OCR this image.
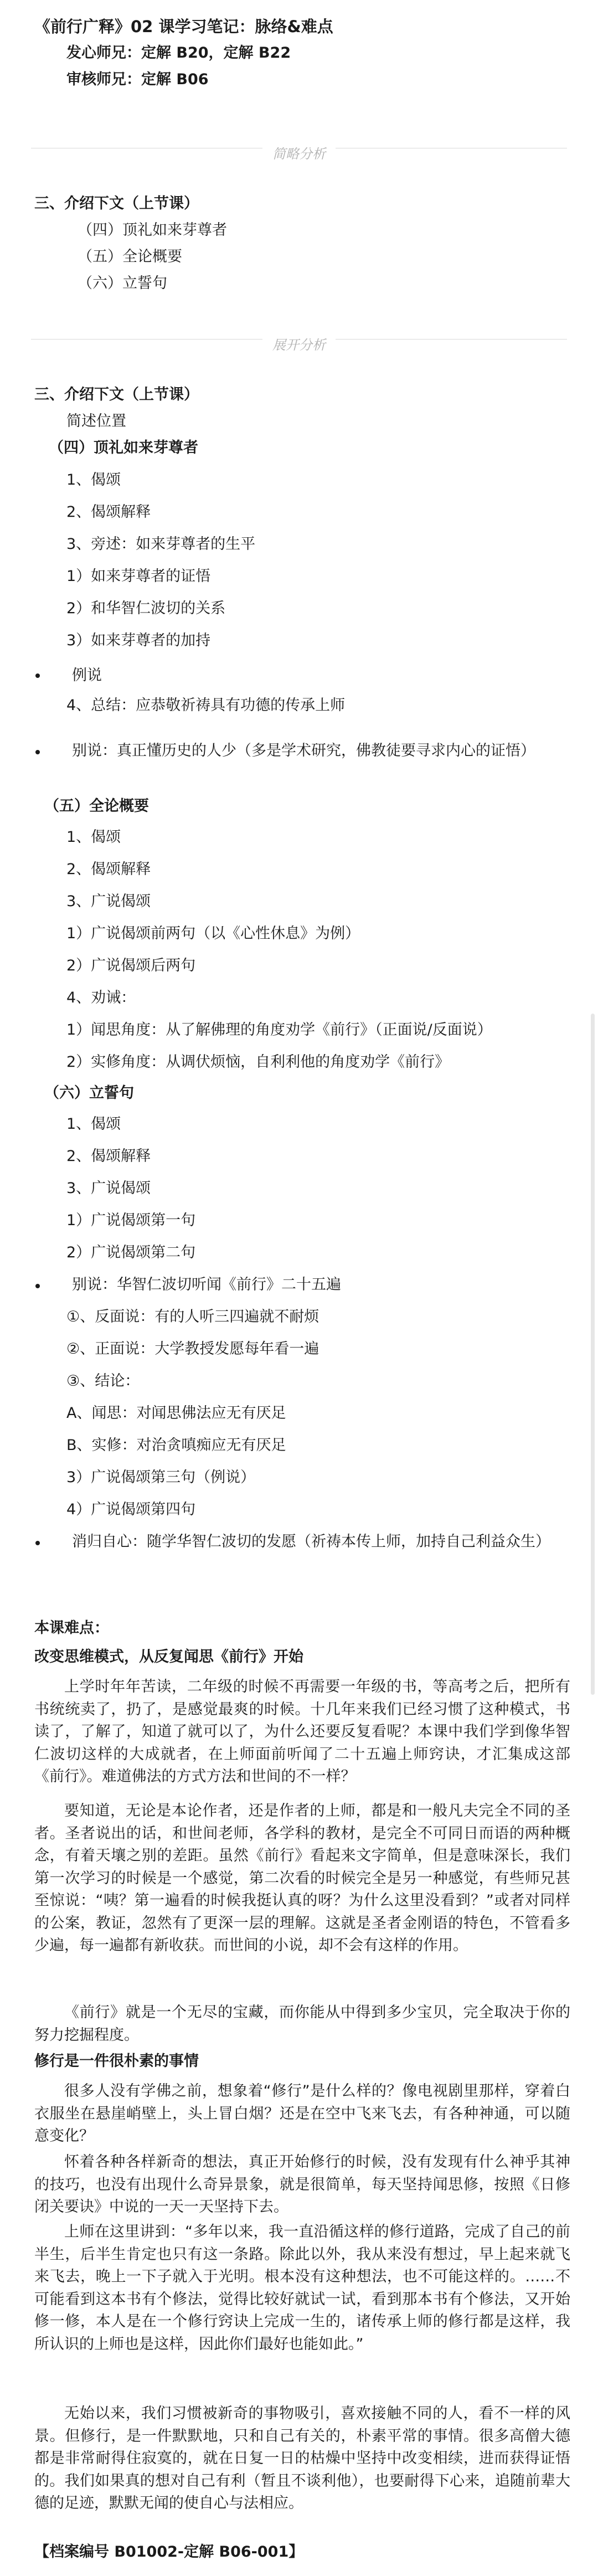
《前行广释》02 课学习笔记：脉络&难点
发心师兄：定解 B20，定解 B22
审核师兄：定解 B06
简略分析
三、介绍下文（上节课）
（四）顶礼如来芽尊者
（五）全论概要
（六）立誓句
展开分析
三、介绍下文（上节课）
简述位置
（四）顶礼如来芽尊者
1、偈颂
2、偈颂解释
3、旁述：如来芽尊者的生平
1）如来芽尊者的证悟
2）和华智仁波切的关系
3）如来芽尊者的加持
例说
4、总结：应恭敬祈祷具有功德的传承上师
别说：真正懂历史的人少（多是学术研究，佛教徒要寻求内心的证悟）
（五）全论概要
1、偈颂
2、偈颂解释
3、广说偈颂
1）广说偈颂前两句（以《心性休息》为例）
2）广说偈颂后两句
4、劝诫：
1）闻思角度：从了解佛理的角度劝学《前行》（正面说/反面说）
2）实修角度：从调伏烦恼，自利利他的角度劝学《前行》
（六）立誓句
1、偈颂
2、偈颂解释
3、广说偈颂
1）广说偈颂第一句
2）广说偈颂第二句
别说：华智仁波切听闻《前行》二十五遍
①、反面说：有的人听三四遍就不耐烦
②、正面说：大学教授发愿每年看一遍
③、结论：
A、闻思：对闻思佛法应无有厌足
B、实修：对治贪嗔痴应无有厌足
3）广说偈颂第三句（例说）
4）广说偈颂第四句
消归自心：随学华智仁波切的发愿（祈祷本传上师，加持自己利益众生）
本课难点：
改变思维模式，从反复闻思《前行》开始
上学时年年苦读，二年级的时候不再需要一年级的书，等高考之后，把所有书统统卖了，扔了，是感觉最爽的时候。十几年来我们已经习惯了这种模式，书读了，了解了，知道了就可以了，为什么还要反复看呢？本课中我们学到像华智仁波切这样的大成就者，在上师面前听闻了二十五遍上师窍诀，才汇集成这部《前行》。难道佛法的方式方法和世间的不一样？
要知道，无论是本论作者，还是作者的上师，都是和一般凡夫完全不同的圣者。圣者说出的话，和世间老师，各学科的教材，是完全不可同日而语的两种概念，有着天壤之别的差距。虽然《前行》看起来文字简单，但是意味深长，我们第一次学习的时候是一个感觉，第二次看的时候完全是另一种感觉，有些师兄甚至惊说：“咦？第一遍看的时候我挺认真的呀？为什么这里没看到？”或者对同样的公案，教证，忽然有了更深一层的理解。这就是圣者金刚语的特色，不管看多少遍，每一遍都有新收获。而世间的小说，却不会有这样的作用。
《前行》就是一个无尽的宝藏，而你能从中得到多少宝贝，完全取决于你的努力挖掘程度。
修行是一件很朴素的事情
很多人没有学佛之前，想象着“修行”是什么样的？像电视剧里那样，穿着白衣服坐在悬崖峭壁上，头上冒白烟？还是在空中飞来飞去，有各种神通，可以随意变化？
怀着各种各样新奇的想法，真正开始修行的时候，没有发现有什么神乎其神的技巧，也没有出现什么奇异景象，就是很简单，每天坚持闻思修，按照《日修闭关要诀》中说的一天一天坚持下去。
上师在这里讲到：“多年以来，我一直沿循这样的修行道路，完成了自己的前半生，后半生肯定也只有这一条路。除此以外，我从来没有想过，早上起来就飞来飞去，晚上一下子就入于光明。根本没有这种想法，也不可能这样的。……不可能看到这本书有个修法，觉得比较好就试一试，看到那本书有个修法，又开始修一修，本人是在一个修行窍诀上完成一生的，诸传承上师的修行都是这样，我所认识的上师也是这样，因此你们最好也能如此。”
无始以来，我们习惯被新奇的事物吸引，喜欢接触不同的人，看不一样的风景。但修行，是一件默默地，只和自己有关的，朴素平常的事情。很多高僧大德都是非常耐得住寂寞的，就在日复一日的枯燥中坚持中改变相续，进而获得证悟的。我们如果真的想对自己有利（暂且不谈利他），也要耐得下心来，追随前辈大德的足迹，默默无闻的使自心与法相应。
【档案编号 B01002-定解 B06-001】
